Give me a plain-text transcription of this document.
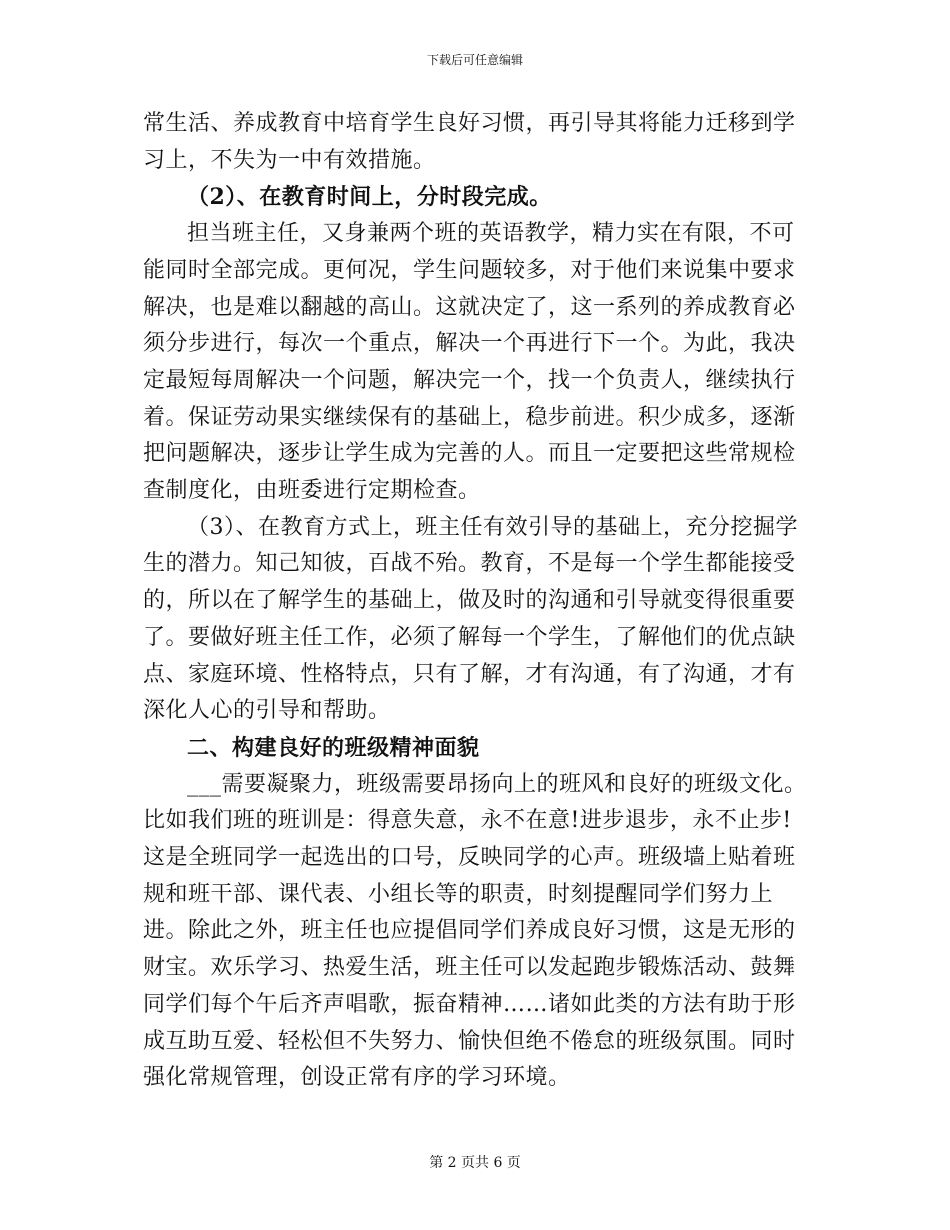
下载后可任意编辑

常生活、养成教育中培育学生良好习惯，再引导其将能力迁移到学习上，不失为一中有效措施。

（2）、在教育时间上，分时段完成。

担当班主任，又身兼两个班的英语教学，精力实在有限，不可能同时全部完成。更何况，学生问题较多，对于他们来说集中要求解决，也是难以翻越的高山。这就决定了，这一系列的养成教育必须分步进行，每次一个重点，解决一个再进行下一个。为此，我决定最短每周解决一个问题，解决完一个，找一个负责人，继续执行着。保证劳动果实继续保有的基础上，稳步前进。积少成多，逐渐把问题解决，逐步让学生成为完善的人。而且一定要把这些常规检查制度化，由班委进行定期检查。

（3）、在教育方式上，班主任有效引导的基础上，充分挖掘学生的潜力。知己知彼，百战不殆。教育，不是每一个学生都能接受的，所以在了解学生的基础上，做及时的沟通和引导就变得很重要了。要做好班主任工作，必须了解每一个学生，了解他们的优点缺点、家庭环境、性格特点，只有了解，才有沟通，有了沟通，才有深化人心的引导和帮助。

二、构建良好的班级精神面貌

___需要凝聚力，班级需要昂扬向上的班风和良好的班级文化。比如我们班的班训是：得意失意，永不在意!进步退步，永不止步!这是全班同学一起选出的口号，反映同学的心声。班级墙上贴着班规和班干部、课代表、小组长等的职责，时刻提醒同学们努力上进。除此之外，班主任也应提倡同学们养成良好习惯，这是无形的财宝。欢乐学习、热爱生活，班主任可以发起跑步锻炼活动、鼓舞同学们每个午后齐声唱歌，振奋精神……诸如此类的方法有助于形成互助互爱、轻松但不失努力、愉快但绝不倦怠的班级氛围。同时强化常规管理，创设正常有序的学习环境。

第 2 页共 6 页
